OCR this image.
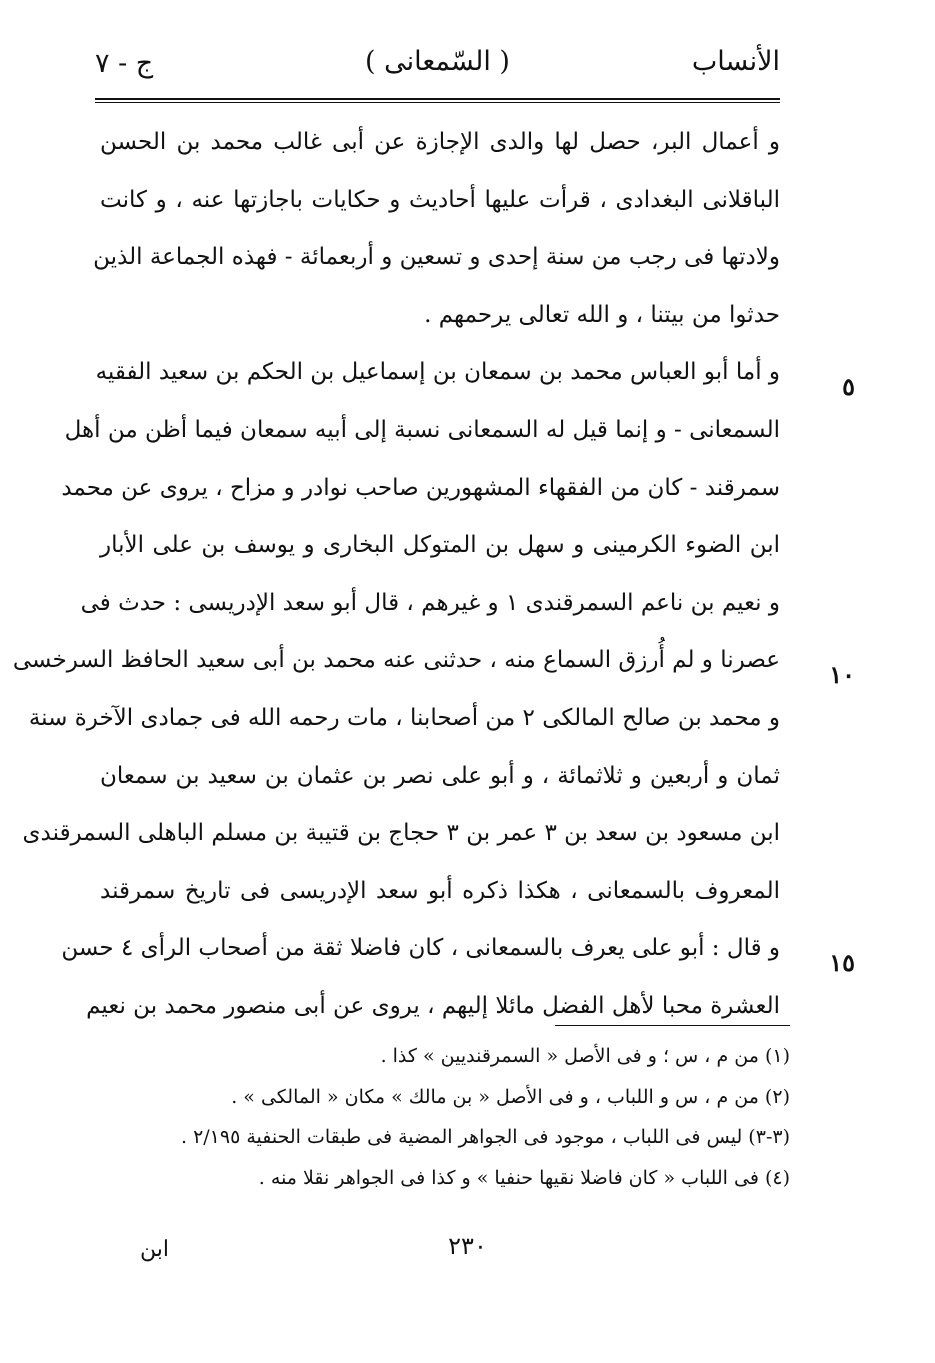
الأنساب
( السّمعانى )
ج - ٧
و أعمال البر، حصل لها والدى الإجازة عن أبى غالب محمد بن الحسن
الباقلانى البغدادى ، قرأت عليها أحاديث و حكايات باجازتها عنه ، و كانت
ولادتها فى رجب من سنة إحدى و تسعين و أربعمائة - فهذه الجماعة الذين
حدثوا من بيتنا ، و الله تعالى يرحمهم .
و أما أبو العباس محمد بن سمعان بن إسماعيل بن الحكم بن سعيد الفقيه
السمعانى - و إنما قيل له السمعانى نسبة إلى أبيه سمعان فيما أظن من أهل
سمرقند - كان من الفقهاء المشهورين صاحب نوادر و مزاح ، يروى عن محمد
ابن الضوء الكرمينى و سهل بن المتوكل البخارى و يوسف بن على الأبار
و نعيم بن ناعم السمرقندى ١ و غيرهم ، قال أبو سعد الإدريسى : حدث فى
عصرنا و لم أُرزق السماع منه ، حدثنى عنه محمد بن أبى سعيد الحافظ السرخسى
و محمد بن صالح المالكى ٢ من أصحابنا ، مات رحمه الله فى جمادى الآخرة سنة
ثمان و أربعين و ثلاثمائة ، و أبو على نصر بن عثمان بن سعيد بن سمعان
ابن مسعود بن سعد بن ٣ عمر بن ٣ حجاج بن قتيبة بن مسلم الباهلى السمرقندى
المعروف بالسمعانى ، هكذا ذكره أبو سعد الإدريسى فى تاريخ سمرقند
و قال : أبو على يعرف بالسمعانى ، كان فاضلا ثقة من أصحاب الرأى ٤ حسن
العشرة محبا لأهل الفضل مائلا إليهم ، يروى عن أبى منصور محمد بن نعيم
٥
١٠
١٥
(١) من م ، س ؛ و فى الأصل « السمرقنديين » كذا .
(٢) من م ، س و اللباب ، و فى الأصل « بن مالك » مكان « المالكى » .
(٣-٣) ليس فى اللباب ، موجود فى الجواهر المضية فى طبقات الحنفية ٢/١٩٥ .
(٤) فى اللباب « كان فاضلا نقيها حنفيا » و كذا فى الجواهر نقلا منه .
٢٣٠
ابن
